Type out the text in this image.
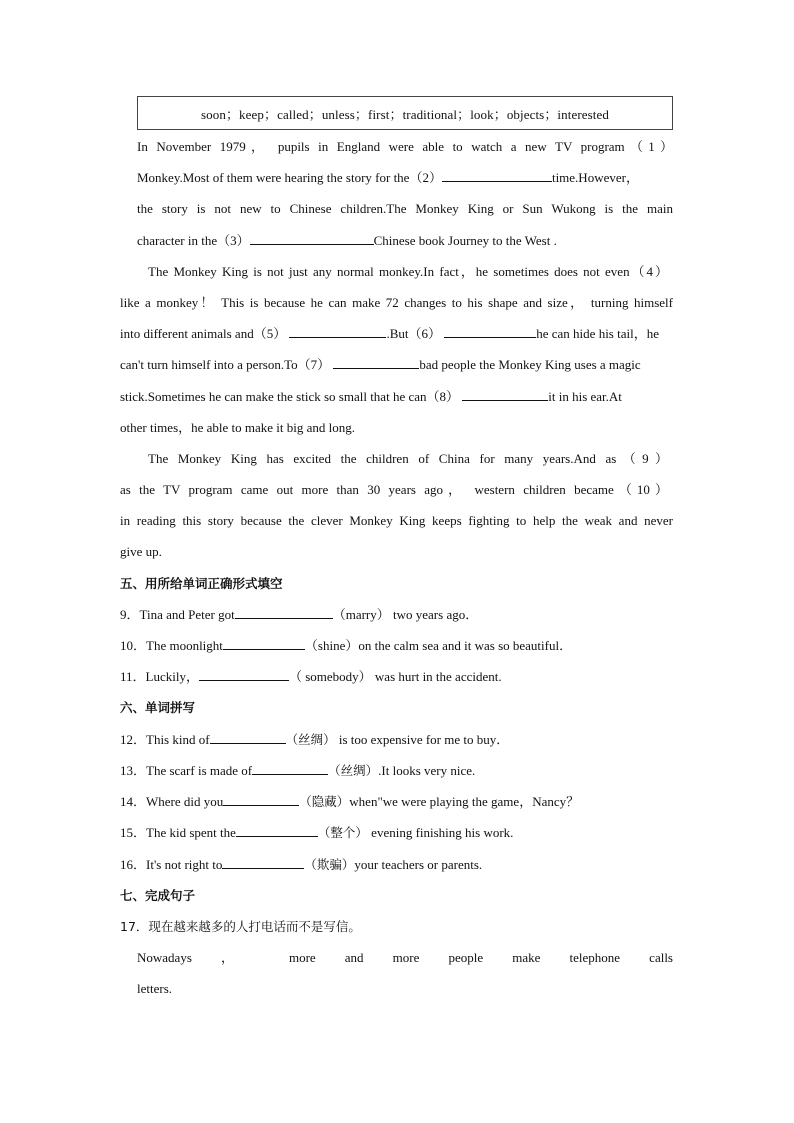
soon；keep；called；unless；first；traditional；look；objects；interested
In November 1979， pupils in England were able to watch a new TV program（1）
Monkey.Most of them were hearing the story for the（2）	time.However，
the story is not new to Chinese children.The Monkey King or Sun Wukong is the main
character in the（3）	Chinese book Journey to the West .
The Monkey King is not just any normal monkey.In fact，he sometimes does not even（4）
like a monkey！ This is because he can make 72 changes to his shape and size， turning himself
into different animals and（5）	.But（6）	he can hide his tail，he
can't turn himself into a person.To（7）	bad people the Monkey King uses a magic
stick.Sometimes he can make the stick so small that he can（8）	it in his ear.At
other times，he able to make it big and long.
The Monkey King has excited the children of China for many years.And as（9）
as the TV program came out more than 30 years ago， western children became（10）
in reading this story because the clever Monkey King keeps fighting to help the weak and never
give up.
五、用所给单词正确形式填空
9．Tina and Peter got	（marry） two years ago．
10．The moonlight	（shine）on the calm sea and it was so beautiful．
11．Luckily，	（ somebody） was hurt in the accident.
六、单词拼写
12．This kind of	（丝绸） is too expensive for me to buy．
13．The scarf is made of	（丝绸）.It looks very nice.
14．Where did you	（隐藏）when"we were playing the game，Nancy？
15．The kid spent the	（整个） evening finishing his work.
16．It's not right to	（欺骗）your teachers or parents.
七、完成句子
17．现在越来越多的人打电话而不是写信。
Nowadays ， more and more people make telephone calls
letters.
